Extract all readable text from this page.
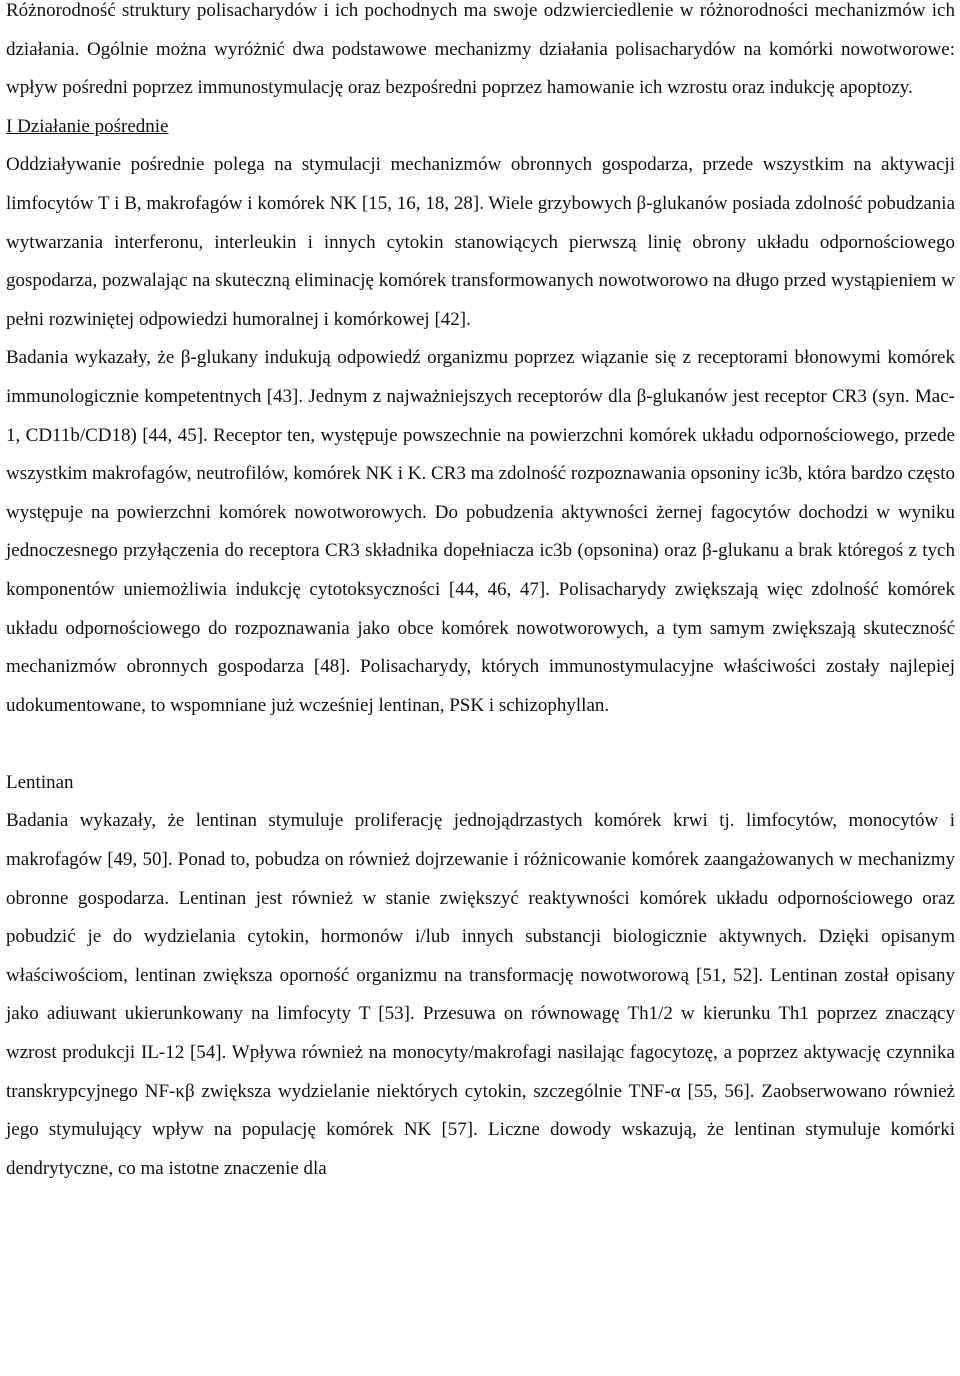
Różnorodność struktury polisacharydów i ich pochodnych ma swoje odzwierciedlenie w różnorodności mechanizmów ich działania. Ogólnie można wyróżnić dwa podstawowe mechanizmy działania polisacharydów na komórki nowotworowe: wpływ pośredni poprzez immunostymulację oraz bezpośredni poprzez hamowanie ich wzrostu oraz indukcję apoptozy.

I Działanie pośrednie

Oddziaływanie pośrednie polega na stymulacji mechanizmów obronnych gospodarza, przede wszystkim na aktywacji limfocytów T i B, makrofagów i komórek NK [15, 16, 18, 28]. Wiele grzybowych β-glukanów posiada zdolność pobudzania wytwarzania interferonu, interleukin i innych cytokin stanowiących pierwszą linię obrony układu odpornościowego gospodarza, pozwalając na skuteczną eliminację komórek transformowanych nowotworowo na długo przed wystąpieniem w pełni rozwiniętej odpowiedzi humoralnej i komórkowej [42].

Badania wykazały, że β-glukany indukują odpowiedź organizmu poprzez wiązanie się z receptorami błonowymi komórek immunologicznie kompetentnych [43]. Jednym z najważniejszych receptorów dla β-glukanów jest receptor CR3 (syn. Mac-1, CD11b/CD18) [44, 45]. Receptor ten, występuje powszechnie na powierzchni komórek układu odpornościowego, przede wszystkim makrofagów, neutrofilów, komórek NK i K. CR3 ma zdolność rozpoznawania opsoniny ic3b, która bardzo często występuje na powierzchni komórek nowotworowych. Do pobudzenia aktywności żernej fagocytów dochodzi w wyniku jednoczesnego przyłączenia do receptora CR3 składnika dopełniacza ic3b (opsonina) oraz β-glukanu a brak któregoś z tych komponentów uniemożliwia indukcję cytotoksyczności [44, 46, 47]. Polisacharydy zwiększają więc zdolność komórek układu odpornościowego do rozpoznawania jako obce komórek nowotworowych, a tym samym zwiększają skuteczność mechanizmów obronnych gospodarza [48]. Polisacharydy, których immunostymulacyjne właściwości zostały najlepiej udokumentowane, to wspomniane już wcześniej lentinan, PSK i schizophyllan.

Lentinan

Badania wykazały, że lentinan stymuluje proliferację jednojądrzastych komórek krwi tj. limfocytów, monocytów i makrofagów [49, 50]. Ponad to, pobudza on również dojrzewanie i różnicowanie komórek zaangażowanych w mechanizmy obronne gospodarza. Lentinan jest również w stanie zwiększyć reaktywności komórek układu odpornościowego oraz pobudzić je do wydzielania cytokin, hormonów i/lub innych substancji biologicznie aktywnych. Dzięki opisanym właściwościom, lentinan zwiększa oporność organizmu na transformację nowotworową [51, 52]. Lentinan został opisany jako adiuwant ukierunkowany na limfocyty T [53]. Przesuwa on równowagę Th1/2 w kierunku Th1 poprzez znaczący wzrost produkcji IL-12 [54]. Wpływa również na monocyty/makrofagi nasilając fagocytozę, a poprzez aktywację czynnika transkrypcyjnego NF-κβ zwiększa wydzielanie niektórych cytokin, szczególnie TNF-α [55, 56]. Zaobserwowano również jego stymulujący wpływ na populację komórek NK [57]. Liczne dowody wskazują, że lentinan stymuluje komórki dendrytyczne, co ma istotne znaczenie dla
